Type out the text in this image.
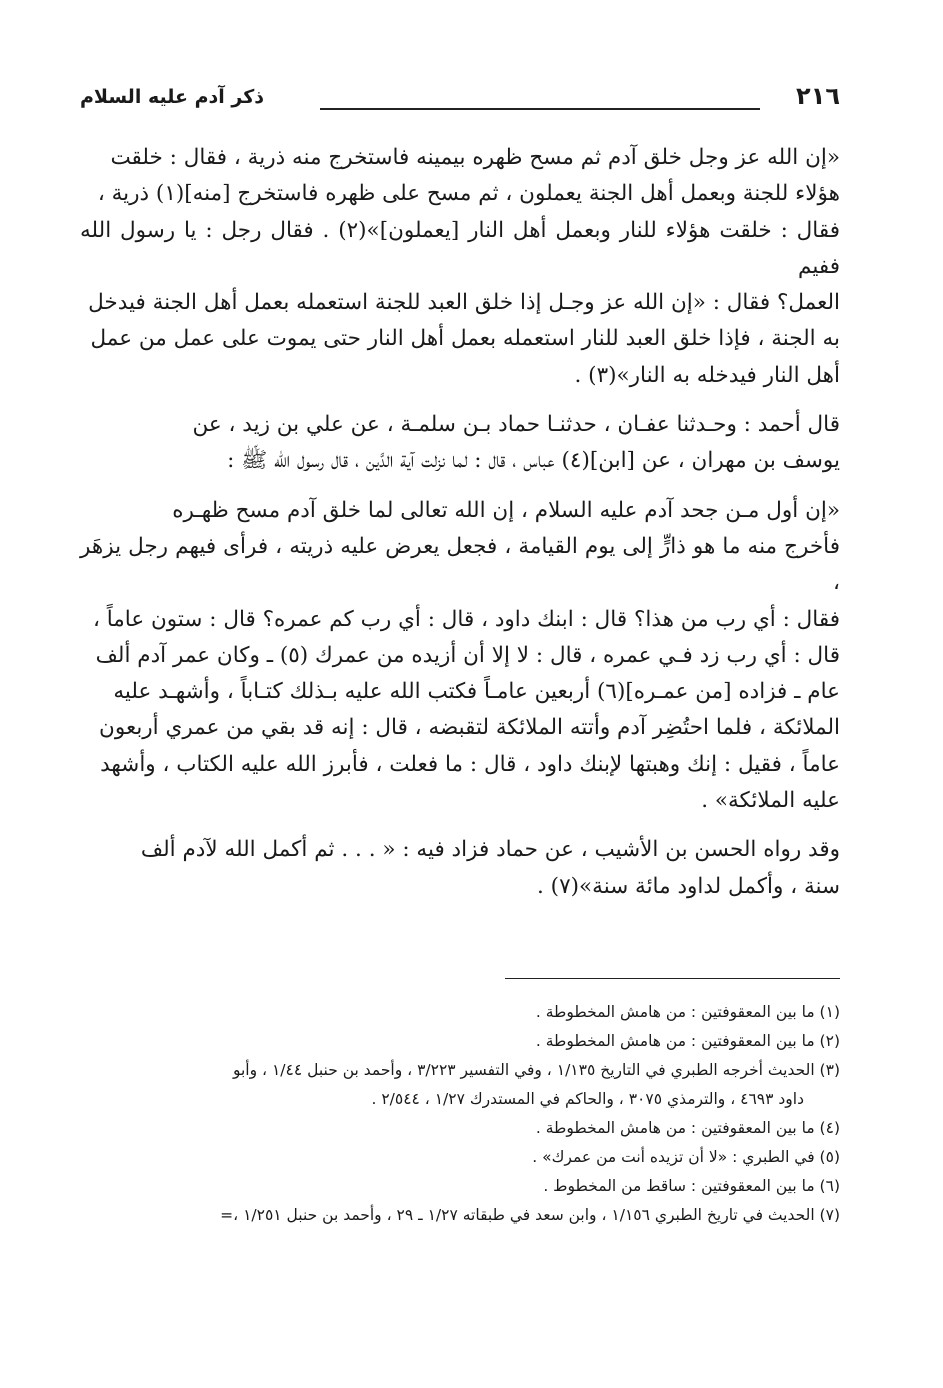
٢١٦
ذكر آدم عليه السلام
«إن الله عز وجل خلق آدم ثم مسح ظهره بيمينه فاستخرج منه ذرية ، فقال : خلقت
هؤلاء للجنة وبعمل أهل الجنة يعملون ، ثم مسح على ظهره فاستخرج [منه](١) ذرية ،
فقال : خلقت هؤلاء للنار وبعمل أهل النار [يعملون]»(٢) . فقال رجل : يا رسول الله ففيم
العمل؟ فقال : «إن الله عز وجـل إذا خلق العبد للجنة استعمله بعمل أهل الجنة فيدخل
به الجنة ، فإذا خلق العبد للنار استعمله بعمل أهل النار حتى يموت على عمل من عمل
أهل النار فيدخله به النار»(٣) .
قال أحمد : وحـدثنا عفـان ، حدثنـا حماد بـن سلمـة ، عن علي بن زيد ، عن
يوسف بن مهران ، عن [ابن](٤) عباس ، قال : لما نزلت آية الدَّين ، قال رسول الله ﷺ :
«إن أول مـن جحد آدم عليه السلام ، إن الله تعالى لما خلق آدم مسح ظهـره
فأخرج منه ما هو ذارٍّ إلى يوم القيامة ، فجعل يعرض عليه ذريته ، فرأى فيهم رجل يزهَر ،
فقال : أي رب من هذا؟ قال : ابنك داود ، قال : أي رب كم عمره؟ قال : ستون عاماً ،
قال : أي رب زد فـي عمره ، قال : لا إلا أن أزيده من عمرك (٥) ـ وكان عمر آدم ألف
عام ـ فزاده [من عمـره](٦) أربعين عامـاً فكتب الله عليه بـذلك كتـاباً ، وأشهـد عليه
الملائكة ، فلما احتُضِر آدم وأتته الملائكة لتقبضه ، قال : إنه قد بقي من عمري أربعون
عاماً ، فقيل : إنك وهبتها لإبنك داود ، قال : ما فعلت ، فأبرز الله عليه الكتاب ، وأشهد
عليه الملائكة» .
وقد رواه الحسن بن الأشيب ، عن حماد فزاد فيه : « . . . ثم أكمل الله لآدم ألف
سنة ، وأكمل لداود مائة سنة»(٧) .
(١) ما بين المعقوفتين : من هامش المخطوطة .
(٢) ما بين المعقوفتين : من هامش المخطوطة .
(٣) الحديث أخرجه الطبري في التاريخ ١/١٣٥ ، وفي التفسير ٣/٢٢٣ ، وأحمد بن حنبل ١/٤٤ ، وأبو
داود ٤٦٩٣ ، والترمذي ٣٠٧٥ ، والحاكم في المستدرك ١/٢٧ ، ٢/٥٤٤ .
(٤) ما بين المعقوفتين : من هامش المخطوطة .
(٥) في الطبري : «لا أن تزيده أنت من عمرك» .
(٦) ما بين المعقوفتين : ساقط من المخطوط .
(٧) الحديث في تاريخ الطبري ١/١٥٦ ، وابن سعد في طبقاته ١/٢٧ ـ ٢٩ ، وأحمد بن حنبل ١/٢٥١ ،=
